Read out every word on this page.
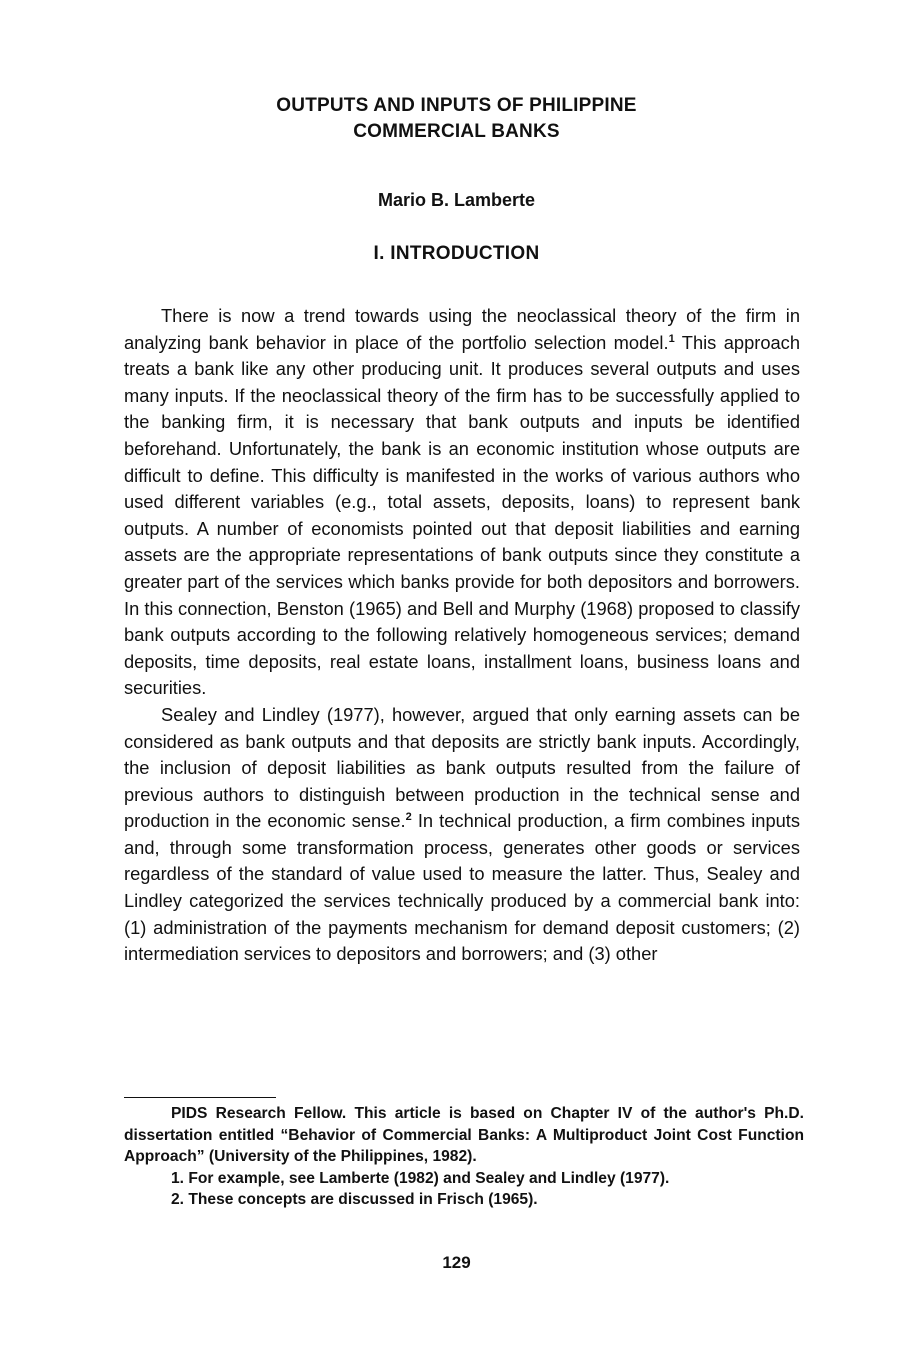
OUTPUTS AND INPUTS OF PHILIPPINE
COMMERCIAL BANKS
Mario B. Lamberte
I. INTRODUCTION

There is now a trend towards using the neoclassical theory of the firm in analyzing bank behavior in place of the portfolio selection model.$^1$ This approach treats a bank like any other producing unit. It produces several outputs and uses many inputs. If the neoclassical theory of the firm has to be successfully applied to the banking firm, it is necessary that bank outputs and inputs be identified beforehand. Unfortunately, the bank is an economic institution whose outputs are difficult to define. This difficulty is manifested in the works of various authors who used different variables (e.g., total assets, deposits, loans) to represent bank outputs. A number of economists pointed out that deposit liabilities and earning assets are the appropriate representations of bank outputs since they constitute a greater part of the services which banks provide for both depositors and borrowers. In this connection, Benston (1965) and Bell and Murphy (1968) proposed to classify bank outputs according to the following relatively homogeneous services; demand deposits, time deposits, real estate loans, installment loans, business loans and securities.

Sealey and Lindley (1977), however, argued that only earning assets can be considered as bank outputs and that deposits are strictly bank inputs. Accordingly, the inclusion of deposit liabilities as bank outputs resulted from the failure of previous authors to distinguish between production in the technical sense and production in the economic sense.$^2$ In technical production, a firm combines inputs and, through some transformation process, generates other goods or services regardless of the standard of value used to measure the latter. Thus, Sealey and Lindley categorized the services technically produced by a commercial bank into: (1) administration of the payments mechanism for demand deposit customers; (2) intermediation services to depositors and borrowers; and (3) other

PIDS Research Fellow. This article is based on Chapter IV of the author's Ph.D. dissertation entitled “Behavior of Commercial Banks: A Multiproduct Joint Cost Function Approach” (University of the Philippines, 1982).

1. For example, see Lamberte (1982) and Sealey and Lindley (1977).

2. These concepts are discussed in Frisch (1965).

129
